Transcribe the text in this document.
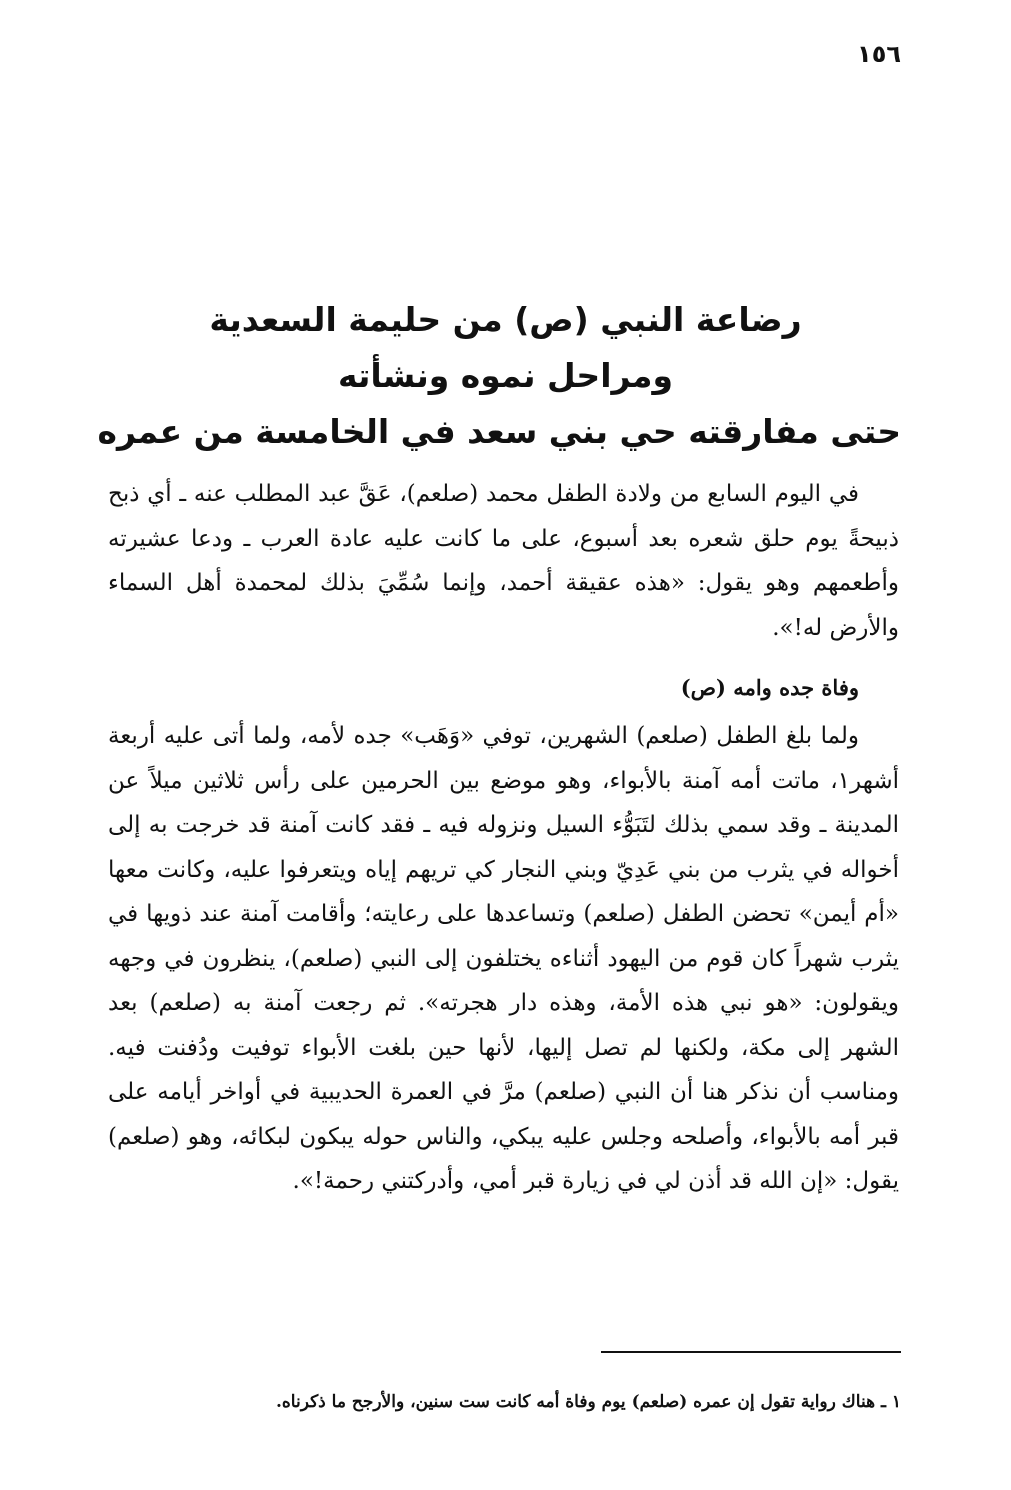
١٥٦
رضاعة النبي (ص) من حليمة السعدية
ومراحل نموه ونشأته
حتى مفارقته حي بني سعد في الخامسة من عمره

في اليوم السابع من ولادة الطفل محمد (صلعم)، عَقَّ عبد المطلب عنه ـ أي ذبح ذبيحةً يوم حلق شعره بعد أسبوع، على ما كانت عليه عادة العرب ـ ودعا عشيرته وأطعمهم وهو يقول: «هذه عقيقة أحمد، وإنما سُمِّيَ بذلك لمحمدة أهل السماء والأرض له!».

وفاة جده وامه (ص)

ولما بلغ الطفل (صلعم) الشهرين، توفي «وَهَب» جده لأمه، ولما أتى عليه أربعة أشهر١، ماتت أمه آمنة بالأبواء، وهو موضع بين الحرمين على رأس ثلاثين ميلاً عن المدينة ـ وقد سمي بذلك لتَبَوُّء السيل ونزوله فيه ـ فقد كانت آمنة قد خرجت به إلى أخواله في يثرب من بني عَدِيّ وبني النجار كي تريهم إياه ويتعرفوا عليه، وكانت معها «أم أيمن» تحضن الطفل (صلعم) وتساعدها على رعايته؛ وأقامت آمنة عند ذويها في يثرب شهراً كان قوم من اليهود أثناءه يختلفون إلى النبي (صلعم)، ينظرون في وجهه ويقولون: «هو نبي هذه الأمة، وهذه دار هجرته». ثم رجعت آمنة به (صلعم) بعد الشهر إلى مكة، ولكنها لم تصل إليها، لأنها حين بلغت الأبواء توفيت ودُفنت فيه. ومناسب أن نذكر هنا أن النبي (صلعم) مرَّ في العمرة الحديبية في أواخر أيامه على قبر أمه بالأبواء، وأصلحه وجلس عليه يبكي، والناس حوله يبكون لبكائه، وهو (صلعم) يقول: «إن الله قد أذن لي في زيارة قبر أمي، وأدركتني رحمة!».

١ ـ هناك رواية تقول إن عمره (صلعم) يوم وفاة أمه كانت ست سنين، والأرجح ما ذكرناه.
